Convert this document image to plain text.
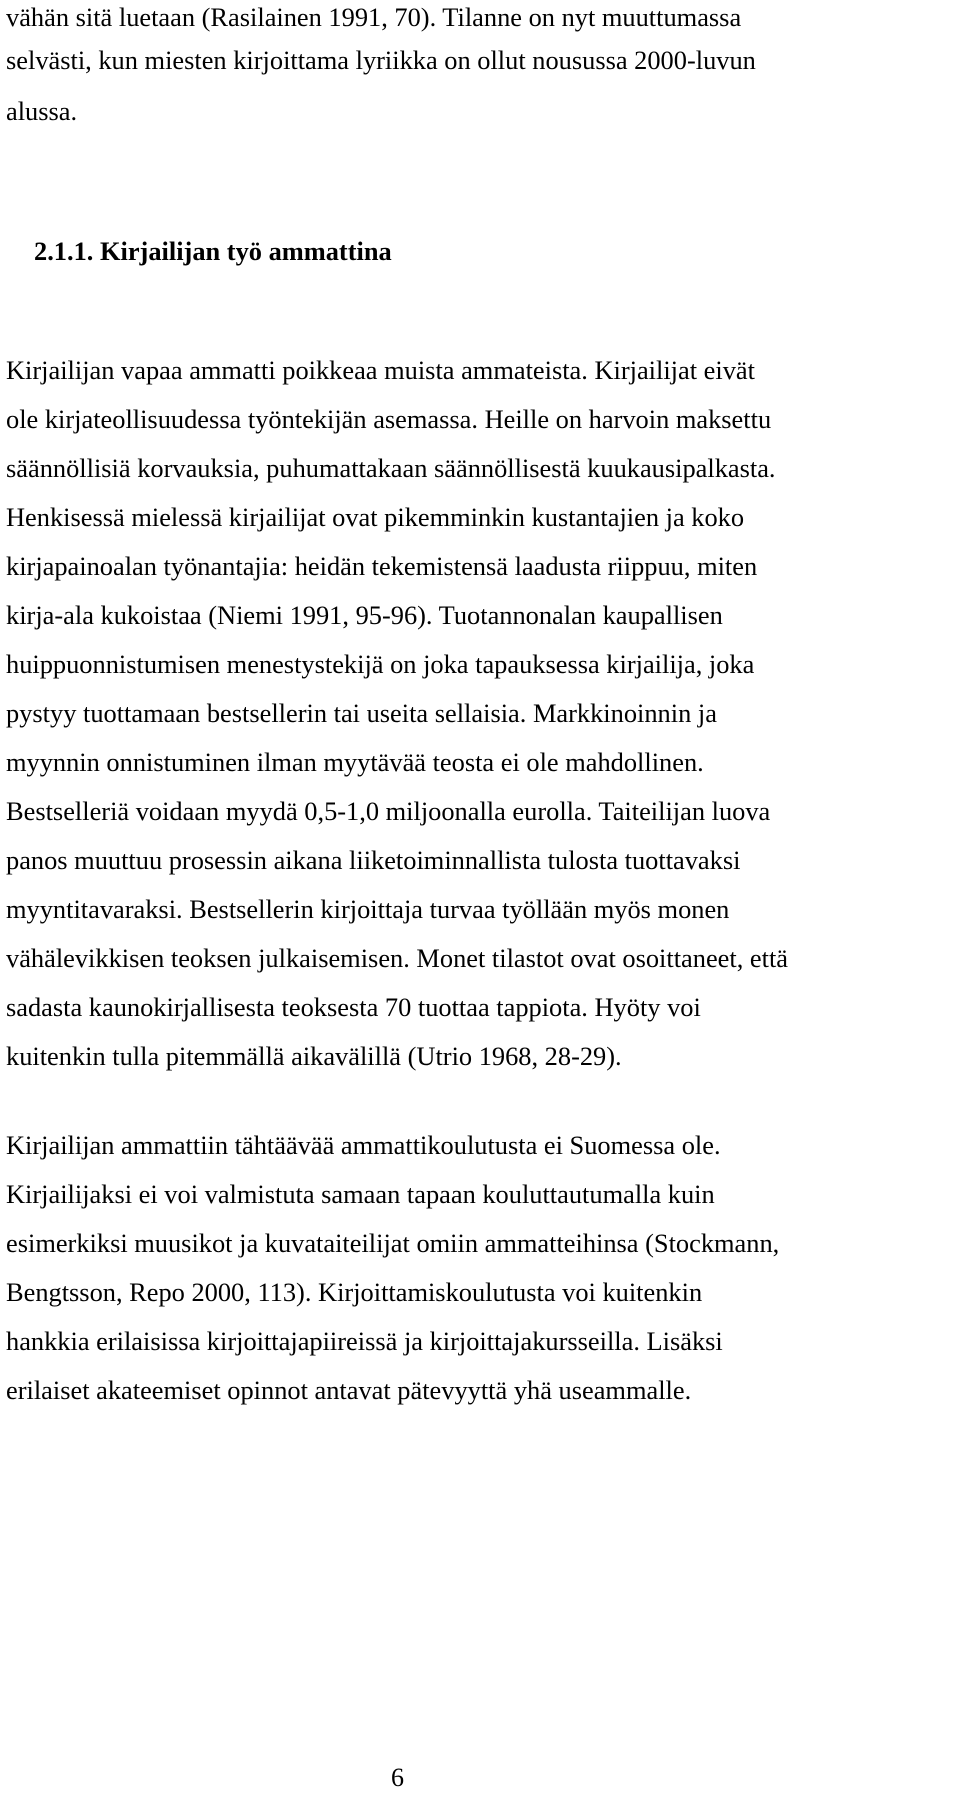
vähän sitä luetaan (Rasilainen 1991, 70). Tilanne on nyt muuttumassa

selvästi, kun miesten kirjoittama lyriikka on ollut nousussa 2000-luvun

alussa.

2.1.1. Kirjailijan työ ammattina

Kirjailijan vapaa ammatti poikkeaa muista ammateista. Kirjailijat eivät

ole kirjateollisuudessa työntekijän asemassa. Heille on harvoin maksettu

säännöllisiä korvauksia, puhumattakaan säännöllisestä kuukausipalkasta.

Henkisessä mielessä kirjailijat ovat pikemminkin kustantajien ja koko

kirjapainoalan työnantajia: heidän tekemistensä laadusta riippuu, miten

kirja-ala kukoistaa (Niemi 1991, 95-96). Tuotannonalan kaupallisen

huippuonnistumisen menestystekijä on joka tapauksessa kirjailija, joka

pystyy tuottamaan bestsellerin tai useita sellaisia. Markkinoinnin ja

myynnin onnistuminen ilman myytävää teosta ei ole mahdollinen.

Bestselleriä voidaan myydä 0,5-1,0 miljoonalla eurolla. Taiteilijan luova

panos muuttuu prosessin aikana liiketoiminnallista tulosta tuottavaksi

myyntitavaraksi. Bestsellerin kirjoittaja turvaa työllään myös monen

vähälevikkisen teoksen julkaisemisen. Monet tilastot ovat osoittaneet, että

sadasta kaunokirjallisesta teoksesta 70 tuottaa tappiota. Hyöty voi

kuitenkin tulla pitemmällä aikavälillä (Utrio 1968, 28-29).

Kirjailijan ammattiin tähtäävää ammattikoulutusta ei Suomessa ole.

Kirjailijaksi ei voi valmistuta samaan tapaan kouluttautumalla kuin

esimerkiksi muusikot ja kuvataiteilijat omiin ammatteihinsa (Stockmann,

Bengtsson, Repo 2000, 113). Kirjoittamiskoulutusta voi kuitenkin

hankkia erilaisissa kirjoittajapiireissä ja kirjoittajakursseilla. Lisäksi

erilaiset akateemiset opinnot antavat pätevyyttä yhä useammalle.

6
